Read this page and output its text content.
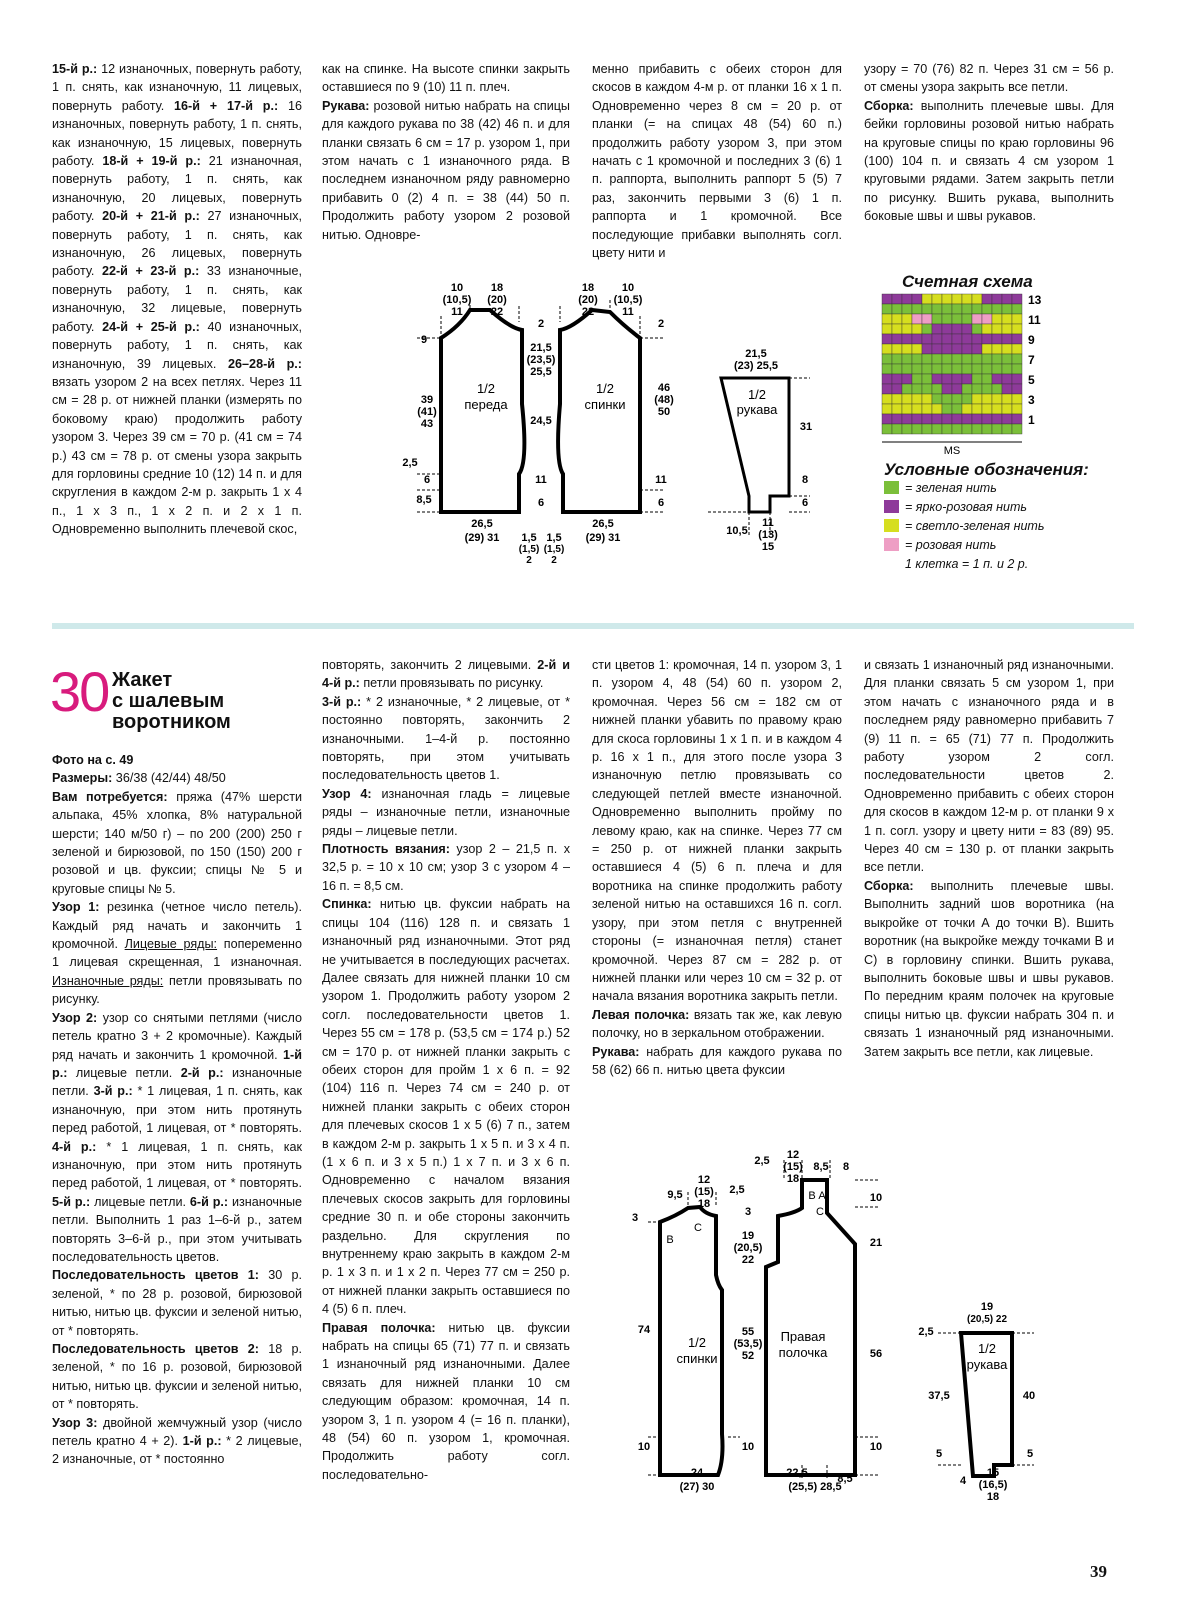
15-й р.: 12 изнаночных, повернуть работу, 1 п. снять, как изнаночную, 11 лицевых, повернуть работу. 16-й + 17-й р.: 16 изнаночных, повернуть работу, 1 п. снять, как изнаночную, 15 лицевых, повернуть работу. 18-й + 19-й р.: 21 изнаночная, повернуть работу, 1 п. снять, как изнаночную, 20 лицевых, повернуть работу. 20-й + 21-й р.: 27 изнаночных, повернуть работу, 1 п. снять, как изнаночную, 26 лицевых, повернуть работу. 22-й + 23-й р.: 33 изнаночные, повернуть работу, 1 п. снять, как изнаночную, 32 лицевые, повернуть работу. 24-й + 25-й р.: 40 изнаночных, повернуть работу, 1 п. снять, как изнаночную, 39 лицевых. 26–28-й р.: вязать узором 2 на всех петлях. Через 11 см = 28 р. от нижней планки (измерять по боковому краю) продолжить работу узором 3. Через 39 см = 70 р. (41 см = 74 р.) 43 см = 78 р. от смены узора закрыть для горловины средние 10 (12) 14 п. и для скругления в каждом 2-м р. закрыть 1 х 4 п., 1 х 3 п., 1 х 2 п. и 2 х 1 п. Одновременно выполнить плечевой скос,

как на спинке. На высоте спинки закрыть оставшиеся по 9 (10) 11 п. плеч.

Рукава: розовой нитью набрать на спицы для каждого рукава по 38 (42) 46 п. и для планки связать 6 см = 17 р. узором 1, при этом начать с 1 изнаночного ряда. В последнем изнаночном ряду равномерно прибавить 0 (2) 4 п. = 38 (44) 50 п. Продолжить работу узором 2 розовой нитью. Одновре-

менно прибавить с обеих сторон для скосов в каждом 4-м р. от планки 16 х 1 п. Одновременно через 8 см = 20 р. от планки (= на спицах 48 (54) 60 п.) продолжить работу узором 3, при этом начать с 1 кромочной и последних 3 (6) 1 п. раппорта, выполнить раппорт 5 (5) 7 раз, закончить первыми 3 (6) 1 п. раппорта и 1 кромочной. Все последующие прибавки выполнять согл. цвету нити и

узору = 70 (76) 82 п. Через 31 см = 56 р. от смены узора закрыть все петли.

Сборка: выполнить плечевые швы. Для бейки горловины розовой нитью набрать на круговые спицы по краю горловины 96 (100) 104 п. и связать 4 см узором 1 круговыми рядами. Затем закрыть петли по рисунку. Вшить рукава, выполнить боковые швы и швы рукавов.

10
(10,5)
11
18
(20)
22
18
(20)
22
10
(10,5)
11
2	2
9
39
(41)
43
21,5
(23,5)
25,5
24,5
2,5
6
8,5
11
6
26,5
(29) 31
26,5
(29) 31
1,5
(1,5)
2
1,5
(1,5)
2
46
(48)
50
11
6
21,5
(23) 25,5
31
8
6
10,5
11
(13)
15
1/2
переда
1/2
спинки
1/2
рукава
Счетная схема
13
11
9
7
5
3
1
MS
Условные обозначения:
= зеленая нить
= ярко-розовая нить
= светло-зеленая нить
= розовая нить
1 клетка = 1 п. и 2 р.
30 Жакет
с шалевым
воротником

Фото на с. 49

Размеры: 36/38 (42/44) 48/50

Вам потребуется: пряжа (47% шерсти альпака, 45% хлопка, 8% натуральной шерсти; 140 м/50 г) – по 200 (200) 250 г зеленой и бирюзовой, по 150 (150) 200 г розовой и цв. фуксии; спицы № 5 и круговые спицы № 5.

Узор 1: резинка (четное число петель). Каждый ряд начать и закончить 1 кромочной. Лицевые ряды: попеременно 1 лицевая скрещенная, 1 изнаночная. Изнаночные ряды: петли провязывать по рисунку.

Узор 2: узор со снятыми петлями (число петель кратно 3 + 2 кромочные). Каждый ряд начать и закончить 1 кромочной. 1-й р.: лицевые петли. 2-й р.: изнаночные петли. 3-й р.: * 1 лицевая, 1 п. снять, как изнаночную, при этом нить протянуть перед работой, 1 лицевая, от * повторять. 4-й р.: * 1 лицевая, 1 п. снять, как изнаночную, при этом нить протянуть перед работой, 1 лицевая, от * повторять. 5-й р.: лицевые петли. 6-й р.: изнаночные петли. Выполнить 1 раз 1–6-й р., затем повторять 3–6-й р., при этом учитывать последовательность цветов.

Последовательность цветов 1: 30 р. зеленой, * по 28 р. розовой, бирюзовой нитью, нитью цв. фуксии и зеленой нитью, от * повторять.

Последовательность цветов 2: 18 р. зеленой, * по 16 р. розовой, бирюзовой нитью, нитью цв. фуксии и зеленой нитью, от * повторять.

Узор 3: двойной жемчужный узор (число петель кратно 4 + 2). 1-й р.: * 2 лицевые, 2 изнаночные, от * постоянно

повторять, закончить 2 лицевыми. 2-й и 4-й р.: петли провязывать по рисунку.

3-й р.: * 2 изнаночные, * 2 лицевые, от * постоянно повторять, закончить 2 изнаночными. 1–4-й р. постоянно повторять, при этом учитывать последовательность цветов 1.

Узор 4: изнаночная гладь = лицевые ряды – изнаночные петли, изнаночные ряды – лицевые петли.

Плотность вязания: узор 2 – 21,5 п. х 32,5 р. = 10 х 10 см; узор 3 с узором 4 – 16 п. = 8,5 см.

Спинка: нитью цв. фуксии набрать на спицы 104 (116) 128 п. и связать 1 изнаночный ряд изнаночными. Этот ряд не учитывается в последующих расчетах. Далее связать для нижней планки 10 см узором 1. Продолжить работу узором 2 согл. последовательности цветов 1. Через 55 см = 178 р. (53,5 см = 174 р.) 52 см = 170 р. от нижней планки закрыть с обеих сторон для пройм 1 х 6 п. = 92 (104) 116 п. Через 74 см = 240 р. от нижней планки закрыть с обеих сторон для плечевых скосов 1 х 5 (6) 7 п., затем в каждом 2-м р. закрыть 1 х 5 п. и 3 х 4 п. (1 х 6 п. и 3 х 5 п.) 1 х 7 п. и 3 х 6 п. Одновременно с началом вязания плечевых скосов закрыть для горловины средние 30 п. и обе стороны закончить раздельно. Для скругления по внутреннему краю закрыть в каждом 2-м р. 1 х 3 п. и 1 х 2 п. Через 77 см = 250 р. от нижней планки закрыть оставшиеся по 4 (5) 6 п. плеч.

Правая полочка: нитью цв. фуксии набрать на спицы 65 (71) 77 п. и связать 1 изнаночный ряд изнаночными. Далее связать для нижней планки 10 см следующим образом: кромочная, 14 п. узором 3, 1 п. узором 4 (= 16 п. планки), 48 (54) 60 п. узором 1, кромочная. Продолжить работу согл. последовательно-

сти цветов 1: кромочная, 14 п. узором 3, 1 п. узором 4, 48 (54) 60 п. узором 2, кромочная. Через 56 см = 182 см от нижней планки убавить по правому краю для скоса горловины 1 х 1 п. и в каждом 4 р. 16 х 1 п., для этого после узора 3 изнаночную петлю провязывать со следующей петлей вместе изнаночной. Одновременно выполнить пройму по левому краю, как на спинке. Через 77 см = 250 р. от нижней планки закрыть оставшиеся 4 (5) 6 п. плеча и для воротника на спинке продолжить работу зеленой нитью на оставшихся 16 п. согл. узору, при этом петля с внутренней стороны (= изнаночная петля) станет кромочной. Через 87 см = 282 р. от нижней планки или через 10 см = 32 р. от начала вязания воротника закрыть петли.

Левая полочка: вязать так же, как левую полочку, но в зеркальном отображении.

Рукава: набрать для каждого рукава по 58 (62) 66 п. нитью цвета фуксии

и связать 1 изнаночный ряд изнаночными. Для планки связать 5 см узором 1, при этом начать с изнаночного ряда и в последнем ряду равномерно прибавить 7 (9) 11 п. = 65 (71) 77 п. Продолжить работу узором 2 согл. последовательности цветов 2. Одновременно прибавить с обеих сторон для скосов в каждом 12-м р. от планки 9 х 1 п. согл. узору и цвету нити = 83 (89) 95. Через 40 см = 130 р. от планки закрыть все петли.

Сборка: выполнить плечевые швы. Выполнить задний шов воротника (на выкройке от точки А до точки В). Вшить воротник (на выкройке между точками В и С) в горловину спинки. Вшить рукава, выполнить боковые швы и швы рукавов. По передним краям полочек на круговые спицы нитью цв. фуксии набрать 304 п. и связать 1 изнаночный ряд изнаночными. Затем закрыть все петли, как лицевые.

3
9,5
12
(15)
18
2,5
B
C
74
10
24
(27) 30
3
19
(20,5)
22
55
(53,5)
52
10
22,5
(25,5) 28,5
8,5
2,5 12
(15)
18
8,5 8
B A
C
10
21
56
10
19
(20,5) 22
2,5
37,5	40
5	5
4
15
(16,5)
18
1/2
спинки
Правая
полочка	1/2
рукава
39
